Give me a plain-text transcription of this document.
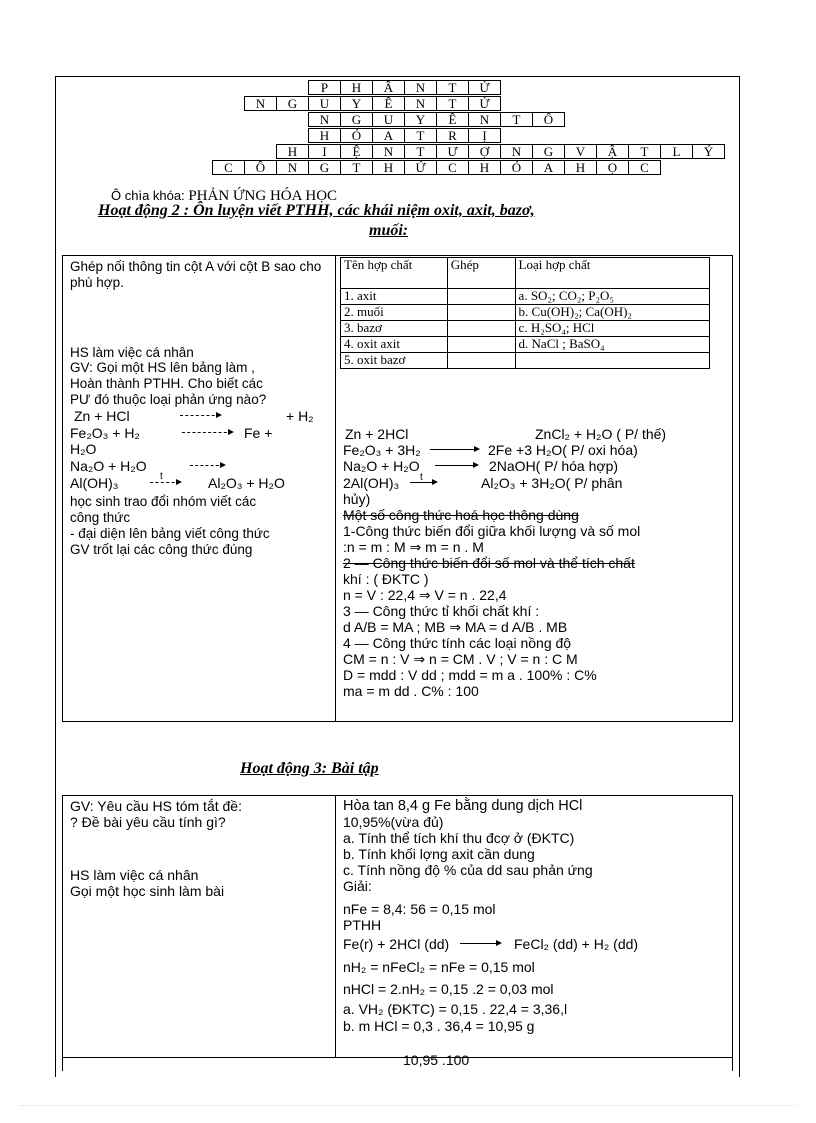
P	H	Â	N	T	Ử
N	G	U	Y	Ê	N	T	Ử
N	G	U	Y	Ê	N	T	Ố
H	Ó	A	T	R	Ị
H	I	Ệ	N	T	Ư	Ợ	N	G	V	Ậ	T	L	Ý
C	Ô	N	G	T	H	Ứ	C	H	Ó	A	H	Ọ	C
Ô chìa khóa: PHẢN ỨNG HÓA HỌC
Hoạt động 2 : Ôn luyện viết PTHH, các khái niệm oxit, axit, bazơ,
muối:
Ghép nối thông tin cột A với cột B sao cho phù hợp.
HS làm việc cá nhân
GV: Gọi một HS lên bảng làm ,
Hoàn thành PTHH. Cho biết các
PƯ đó thuộc loại phản ứng nào?
Zn + HCl	+ H₂
Fe₂O₃ + H₂	Fe +
H₂O
Na₂O + H₂O
Al(OH)₃	t	Al₂O₃ + H₂O
học sinh trao đổi nhóm viết các
công thức
- đại diện lên bảng viết công thức
GV trốt lại các công thức đúng
Tên hợp chất	Ghép	Loại hợp chất
1. axit		a. SO₂; CO₂; P₂O₅
2. muối		b. Cu(OH)₂; Ca(OH)₂
3. bazơ		c. H₂SO₄; HCl
4. oxit axit		d. NaCl ; BaSO₄
5. oxit bazơ		
Zn + 2HCl	ZnCl₂ + H₂O ( P/ thế)
Fe₂O₃ + 3H₂	2Fe +3 H₂O( P/ oxi hóa)
Na₂O + H₂O	2NaOH( P/ hóa hợp)
2Al(OH)₃ t	Al₂O₃ + 3H₂O( P/ phân
hủy)
Một số công thức hoá học thông dùng
1-Công thức biến đổi giữa khối lượng và số mol
:n = m : M ⇒ m = n . M
2 — Công thức biến đổi số mol và thể tích chất
khí : ( ĐKTC )
n = V : 22,4 ⇒ V = n . 22,4
3 — Công thức tỉ khối chất khí :
d A/B = MA ; MB ⇒ MA = d A/B . MB
4 — Công thức tính các loại nồng độ
CM = n : V ⇒ n = CM . V ; V = n : C M
D = mdd : V dd ; mdd = m a . 100% : C%
ma = m dd . C% : 100
Hoạt động 3: Bài tập
GV: Yêu cầu HS tóm tắt đề:
? Đề bài yêu cầu tính gì?
HS làm việc cá nhân
Gọi một học sinh làm bài
Hòa tan 8,4 g Fe bằng dung dịch HCl
10,95%(vừa đủ)
a. Tính thể tích khí thu đcợ ở (ĐKTC)
b. Tính khối lợng axit cần dung
c. Tính nồng độ % của dd sau phản ứng
Giải:
nFe = 8,4: 56 = 0,15 mol
PTHH
Fe(r) + 2HCl (dd)	FeCl₂ (dd) + H₂ (dd)
nH₂ = nFeCl₂ = nFe = 0,15 mol
nHCl = 2.nH₂ = 0,15 .2 = 0,03 mol
a. VH₂ (ĐKTC) = 0,15 . 22,4 = 3,36,l
b. m HCl = 0,3 . 36,4 = 10,95 g
10,95 .100
